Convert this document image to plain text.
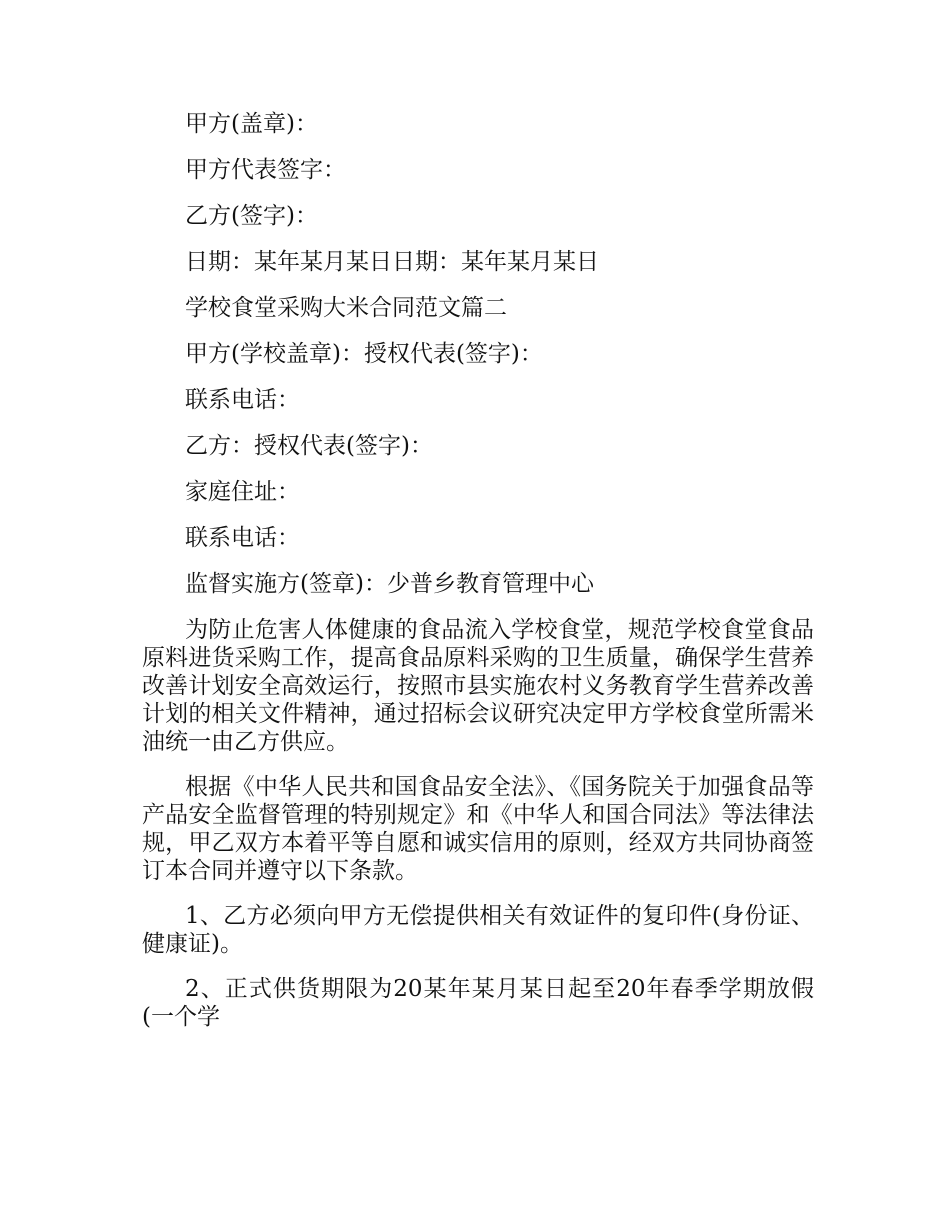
甲方(盖章)：
甲方代表签字：
乙方(签字)：
日期：某年某月某日日期：某年某月某日
学校食堂采购大米合同范文篇二
甲方(学校盖章)：授权代表(签字)：
联系电话：
乙方：授权代表(签字)：
家庭住址：
联系电话：
监督实施方(签章)：少普乡教育管理中心

为防止危害人体健康的食品流入学校食堂，规范学校食堂食品原料进货采购工作，提高食品原料采购的卫生质量，确保学生营养改善计划安全高效运行，按照市县实施农村义务教育学生营养改善计划的相关文件精神，通过招标会议研究决定甲方学校食堂所需米油统一由乙方供应。

根据《中华人民共和国食品安全法》、《国务院关于加强食品等产品安全监督管理的特别规定》和《中华人和国合同法》等法律法规，甲乙双方本着平等自愿和诚实信用的原则，经双方共同协商签订本合同并遵守以下条款。

1、乙方必须向甲方无偿提供相关有效证件的复印件(身份证、健康证)。

2、正式供货期限为20某年某月某日起至20年春季学期放假(一个学
